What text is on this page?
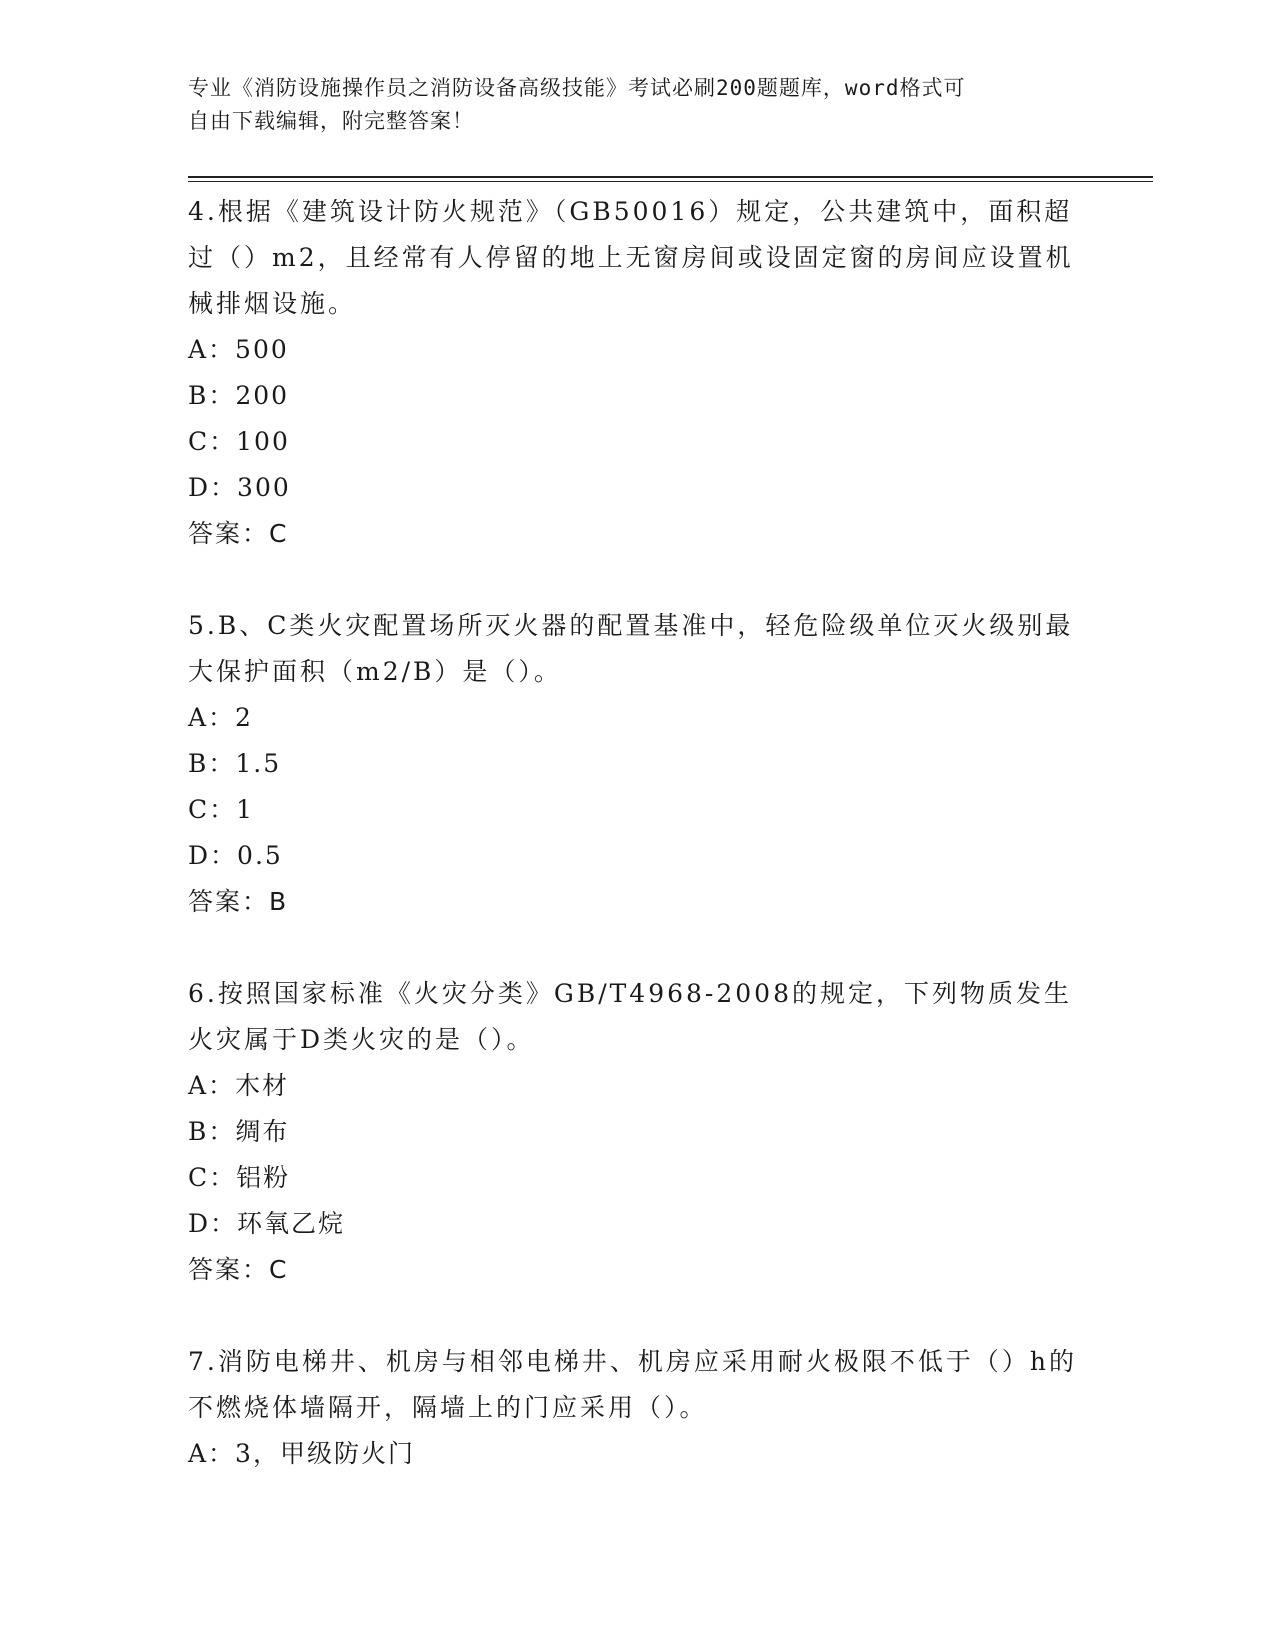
专业《消防设施操作员之消防设备高级技能》考试必刷200题题库，word格式可
自由下载编辑，附完整答案！

4.根据《建筑设计防火规范》（GB50016）规定，公共建筑中，面积超过（）m2，且经常有人停留的地上无窗房间或设固定窗的房间应设置机械排烟设施。

A：500

B：200

C：100

D：300

答案：C

5.B、C类火灾配置场所灭火器的配置基准中，轻危险级单位灭火级别最大保护面积（m2/B）是（）。

A：2

B：1.5

C：1

D：0.5

答案：B

6.按照国家标准《火灾分类》GB/T4968-2008的规定，下列物质发生火灾属于D类火灾的是（）。

A：木材

B：绸布

C：铝粉

D：环氧乙烷

答案：C

7.消防电梯井、机房与相邻电梯井、机房应采用耐火极限不低于（）h的不燃烧体墙隔开，隔墙上的门应采用（）。

A：3，甲级防火门
